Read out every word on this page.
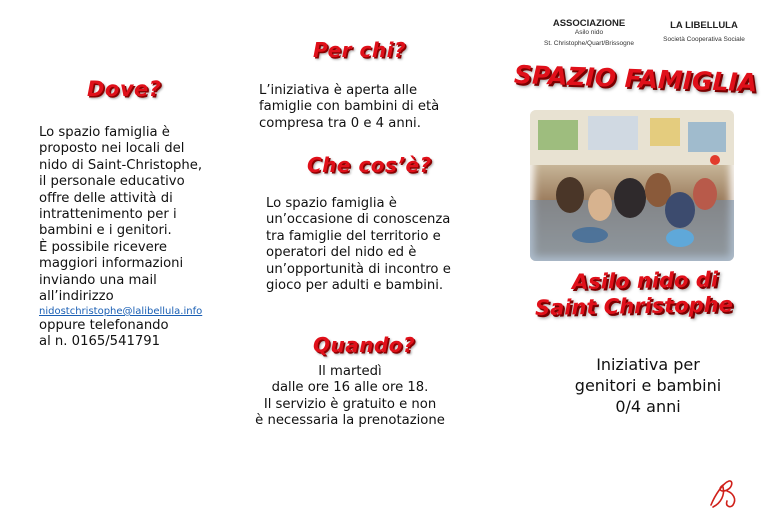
Dove?
Lo spazio famiglia è
proposto nei locali del
nido di Saint-Christophe,
il personale educativo
offre delle attività di
intrattenimento per i
bambini e i genitori.
È possibile ricevere
maggiori informazioni
inviando una mail
all’indirizzo
nidostchristophe@lalibellula.info
oppure telefonando
al n. 0165/541791
Per chi?
L’iniziativa è aperta alle
famiglie con bambini di età
compresa tra 0 e 4 anni.
Che cos’è?
Lo spazio famiglia è
un’occasione di conoscenza
tra famiglie del territorio e
operatori del nido ed è
un’opportunità di incontro e
gioco per adulti e bambini.
Quando?
Il martedì
dalle ore 16 alle ore 18.
Il servizio è gratuito e non
è necessaria la prenotazione
ASSOCIAZIONE
Asilo nido
St. Christophe/Quart/Brissogne
LA LIBELLULA
Società Cooperativa Sociale
SPAZIO FAMIGLIA
Asilo nido di
Saint Christophe
Iniziativa per
genitori e bambini
0/4 anni
